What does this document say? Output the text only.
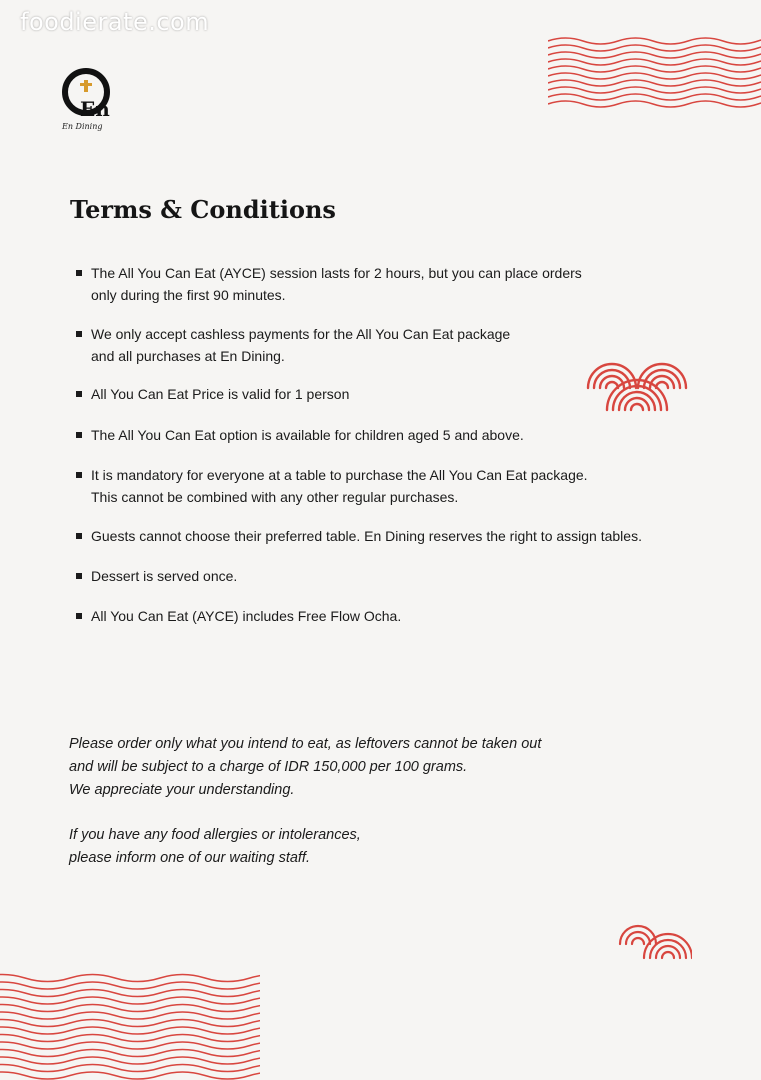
foodierate.com
En
En Dining
Terms & Conditions
The All You Can Eat (AYCE) session lasts for 2 hours, but you can place orders
only during the first 90 minutes.
We only accept cashless payments for the All You Can Eat package
and all purchases at En Dining.
All You Can Eat Price is valid for 1 person
The All You Can Eat option is available for children aged 5 and above.
It is mandatory for everyone at a table to purchase the All You Can Eat package.
This cannot be combined with any other regular purchases.
Guests cannot choose their preferred table. En Dining reserves the right to assign tables.
Dessert is served once.
All You Can Eat (AYCE) includes Free Flow Ocha.

Please order only what you intend to eat, as leftovers cannot be taken out

and will be subject to a charge of IDR 150,000 per 100 grams.

We appreciate your understanding.

If you have any food allergies or intolerances,

please inform one of our waiting staff.
